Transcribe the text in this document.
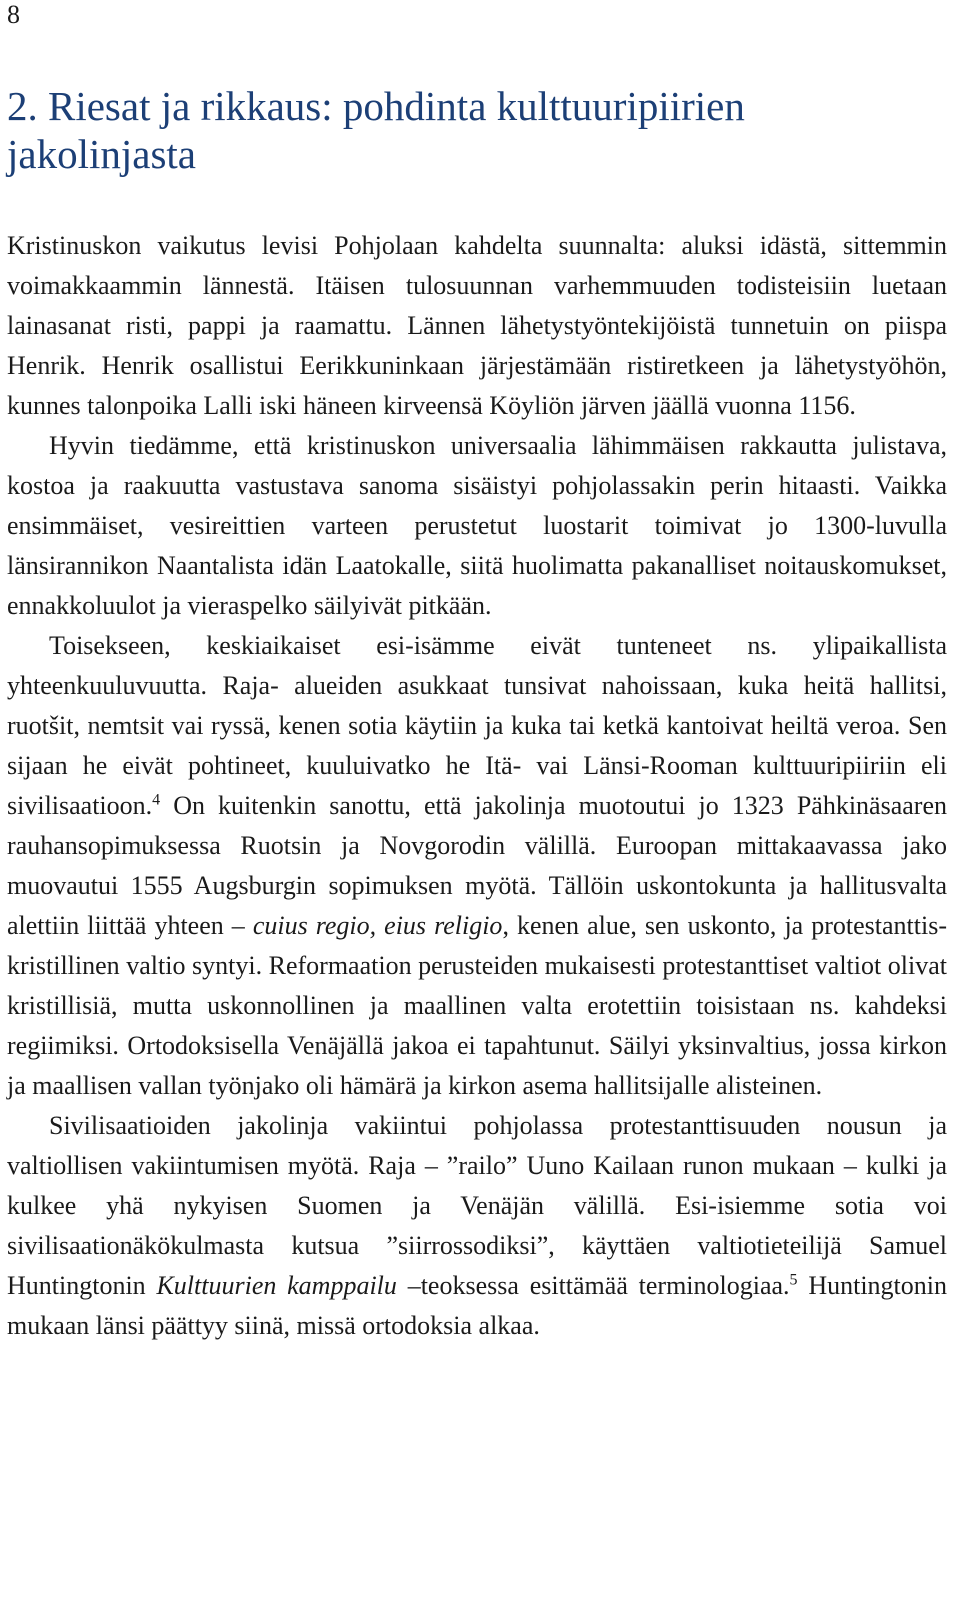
8
2. Riesat ja rikkaus: pohdinta kulttuuripiirien jakolinjasta

Kristinuskon vaikutus levisi Pohjolaan kahdelta suunnalta: aluksi idästä, sittemmin voimakkaammin lännestä. Itäisen tulosuunnan varhemmuuden todisteisiin luetaan lainasanat risti, pappi ja raamattu. Lännen lähetystyöntekijöistä tunnetuin on piispa Henrik. Henrik osallistui Eerikkuninkaan järjestämään ristiretkeen ja lähetystyöhön, kunnes talonpoika Lalli iski häneen kirveensä Köyliön järven jäällä vuonna 1156.

Hyvin tiedämme, että kristinuskon universaalia lähimmäisen rakkautta julistava, kostoa ja raakuutta vastustava sanoma sisäistyi pohjolassakin perin hitaasti. Vaikka ensimmäiset, vesireittien varteen perustetut luostarit toimivat jo 1300-luvulla länsirannikon Naantalista idän Laatokalle, siitä huolimatta pakanalliset noitauskomukset, ennakkoluulot ja vieraspelko säilyivät pitkään.

Toisekseen, keskiaikaiset esi-isämme eivät tunteneet ns. ylipaikallista yhteenkuuluvuutta. Raja- alueiden asukkaat tunsivat nahoissaan, kuka heitä hallitsi, ruotšit, nemtsit vai ryssä, kenen sotia käytiin ja kuka tai ketkä kantoivat heiltä veroa. Sen sijaan he eivät pohtineet, kuuluivatko he Itä- vai Länsi-Rooman kulttuuripiiriin eli sivilisaatioon.$^4$ On kuitenkin sanottu, että jakolinja muotoutui jo 1323 Pähkinäsaaren rauhansopimuksessa Ruotsin ja Novgorodin välillä. Euroopan mittakaavassa jako muovautui 1555 Augsburgin sopimuksen myötä. Tällöin uskontokunta ja hallitusvalta alettiin liittää yhteen – cuius regio, eius religio, kenen alue, sen uskonto, ja protestanttis-kristillinen valtio syntyi. Reformaation perusteiden mukaisesti protestanttiset valtiot olivat kristillisiä, mutta uskonnollinen ja maallinen valta erotettiin toisistaan ns. kahdeksi regiimiksi. Ortodoksisella Venäjällä jakoa ei tapahtunut. Säilyi yksinvaltius, jossa kirkon ja maallisen vallan työnjako oli hämärä ja kirkon asema hallitsijalle alisteinen.

Sivilisaatioiden jakolinja vakiintui pohjolassa protestanttisuuden nousun ja valtiollisen vakiintumisen myötä. Raja – ”railo” Uuno Kailaan runon mukaan – kulki ja kulkee yhä nykyisen Suomen ja Venäjän välillä. Esi-isiemme sotia voi sivilisaationäkökulmasta kutsua ”siirrossodiksi”, käyttäen valtiotieteilijä Samuel Huntingtonin Kulttuurien kamppailu –teoksessa esittämää terminologiaa.$^5$ Huntingtonin mukaan länsi päättyy siinä, missä ortodoksia alkaa.
